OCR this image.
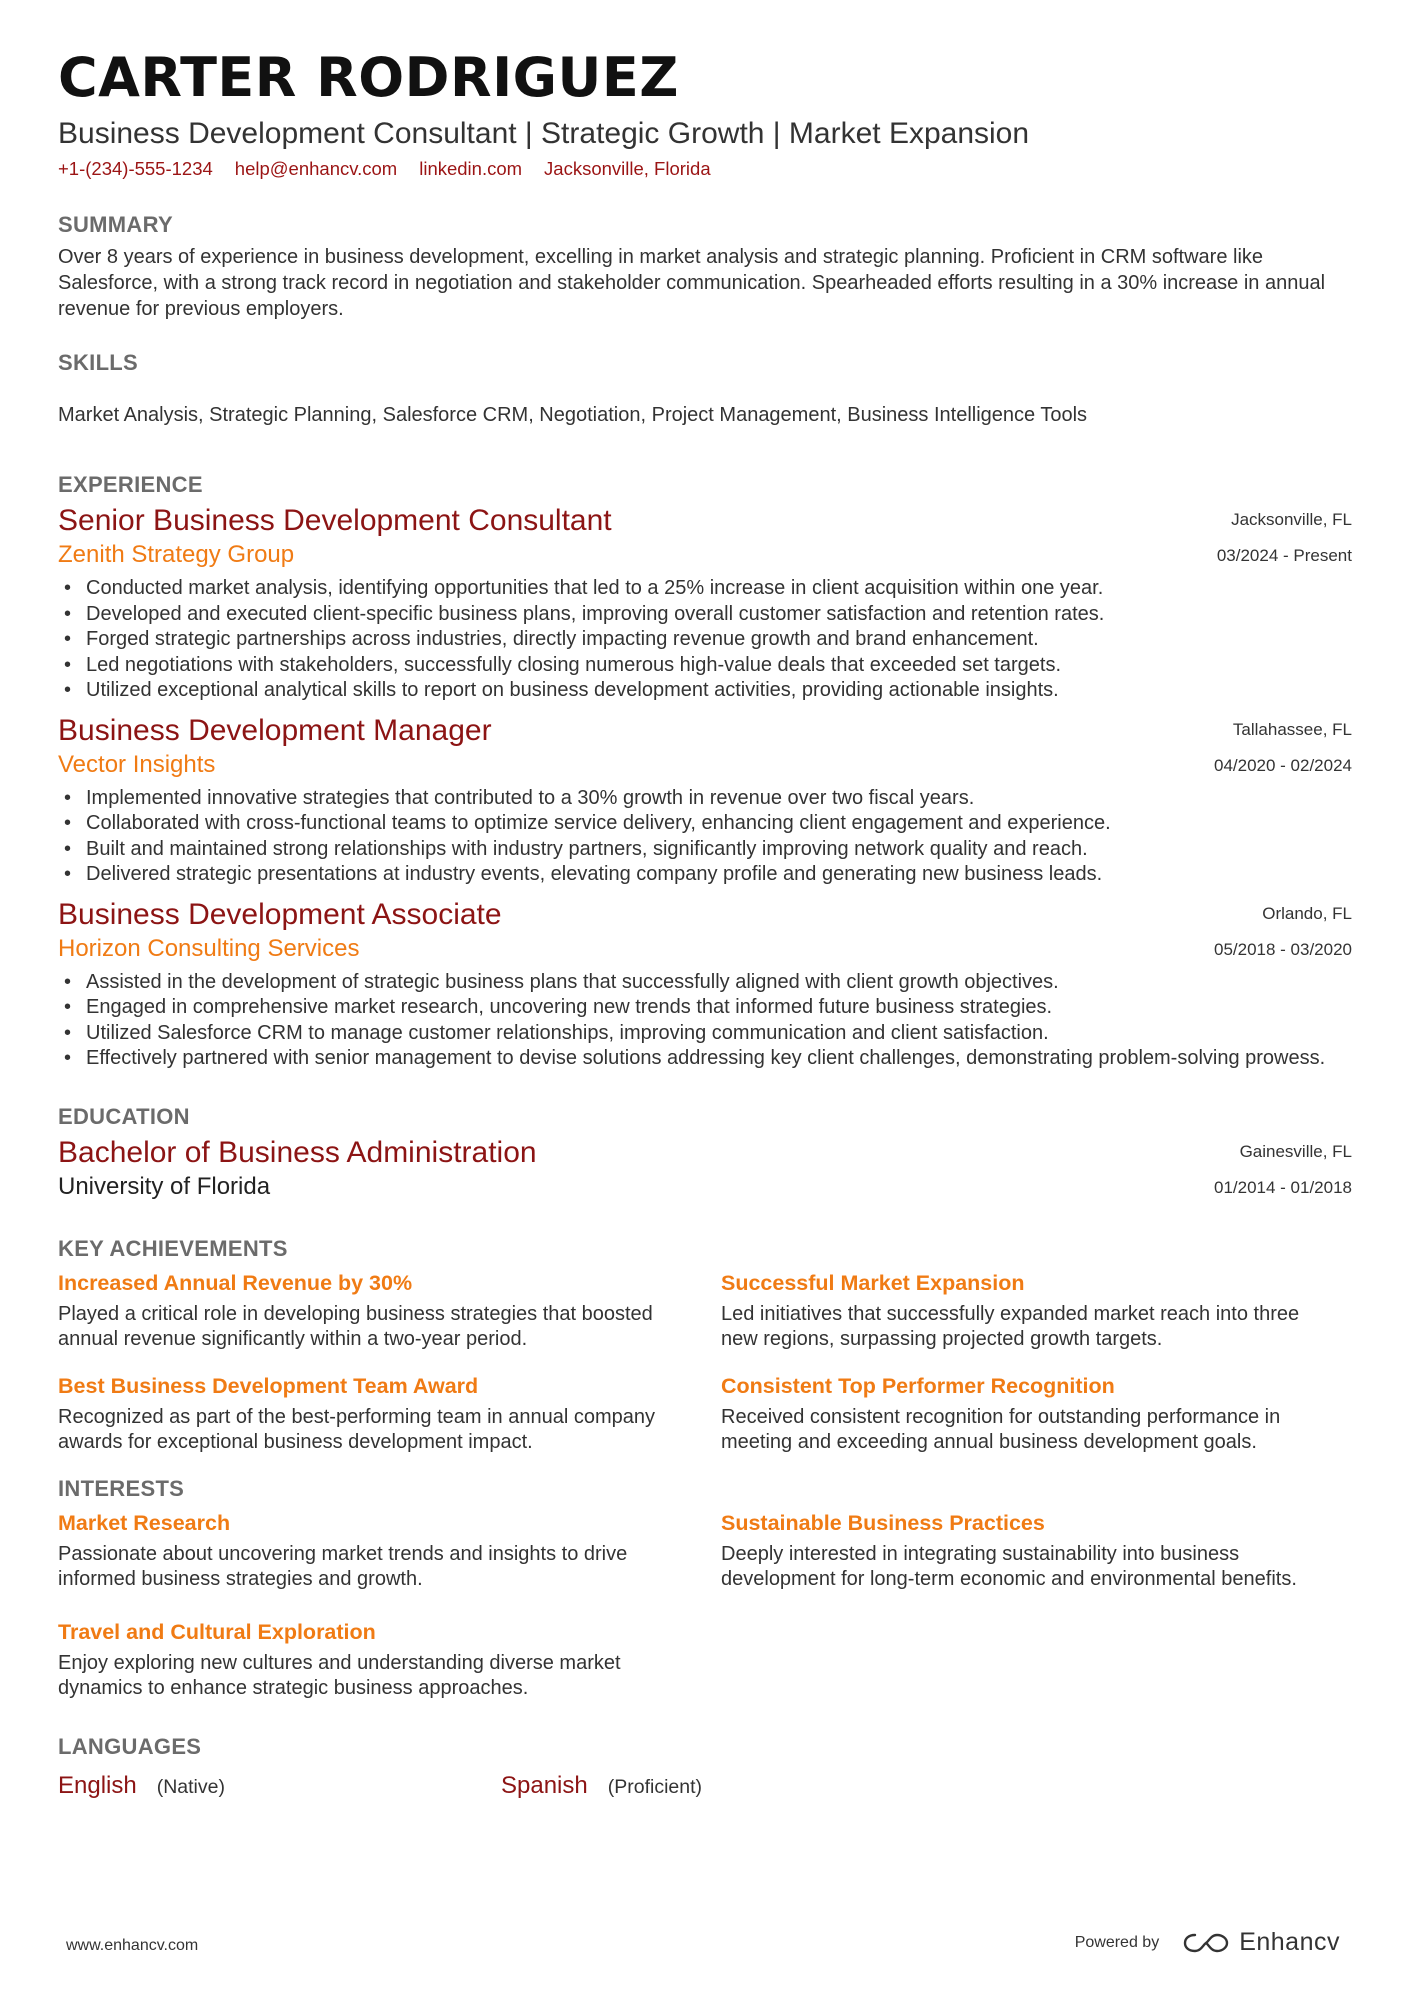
CARTER RODRIGUEZ
Business Development Consultant | Strategic Growth | Market Expansion
+1-(234)-555-1234 help@enhancv.com linkedin.com Jacksonville, Florida
SUMMARY
Over 8 years of experience in business development, excelling in market analysis and strategic planning. Proficient in CRM software like Salesforce, with a strong track record in negotiation and stakeholder communication. Spearheaded efforts resulting in a 30% increase in annual revenue for previous employers.
SKILLS
Market Analysis, Strategic Planning, Salesforce CRM, Negotiation, Project Management, Business Intelligence Tools
EXPERIENCE
Senior Business Development Consultant
Zenith Strategy Group
Jacksonville, FL
03/2024 - Present
• Conducted market analysis, identifying opportunities that led to a 25% increase in client acquisition within one year.
• Developed and executed client-specific business plans, improving overall customer satisfaction and retention rates.
• Forged strategic partnerships across industries, directly impacting revenue growth and brand enhancement.
• Led negotiations with stakeholders, successfully closing numerous high-value deals that exceeded set targets.
• Utilized exceptional analytical skills to report on business development activities, providing actionable insights.
Business Development Manager
Vector Insights
Tallahassee, FL
04/2020 - 02/2024
• Implemented innovative strategies that contributed to a 30% growth in revenue over two fiscal years.
• Collaborated with cross-functional teams to optimize service delivery, enhancing client engagement and experience.
• Built and maintained strong relationships with industry partners, significantly improving network quality and reach.
• Delivered strategic presentations at industry events, elevating company profile and generating new business leads.
Business Development Associate
Horizon Consulting Services
Orlando, FL
05/2018 - 03/2020
• Assisted in the development of strategic business plans that successfully aligned with client growth objectives.
• Engaged in comprehensive market research, uncovering new trends that informed future business strategies.
• Utilized Salesforce CRM to manage customer relationships, improving communication and client satisfaction.
• Effectively partnered with senior management to devise solutions addressing key client challenges, demonstrating problem-solving prowess.
EDUCATION
Bachelor of Business Administration
University of Florida
Gainesville, FL
01/2014 - 01/2018
KEY ACHIEVEMENTS
Increased Annual Revenue by 30%
Played a critical role in developing business strategies that boosted annual revenue significantly within a two-year period.
Successful Market Expansion
Led initiatives that successfully expanded market reach into three new regions, surpassing projected growth targets.
Best Business Development Team Award
Recognized as part of the best-performing team in annual company awards for exceptional business development impact.
Consistent Top Performer Recognition
Received consistent recognition for outstanding performance in meeting and exceeding annual business development goals.
INTERESTS
Market Research
Passionate about uncovering market trends and insights to drive informed business strategies and growth.
Sustainable Business Practices
Deeply interested in integrating sustainability into business development for long-term economic and environmental benefits.
Travel and Cultural Exploration
Enjoy exploring new cultures and understanding diverse market dynamics to enhance strategic business approaches.
LANGUAGES
English (Native)	Spanish (Proficient)
www.enhancv.com	Powered by	Enhancv
